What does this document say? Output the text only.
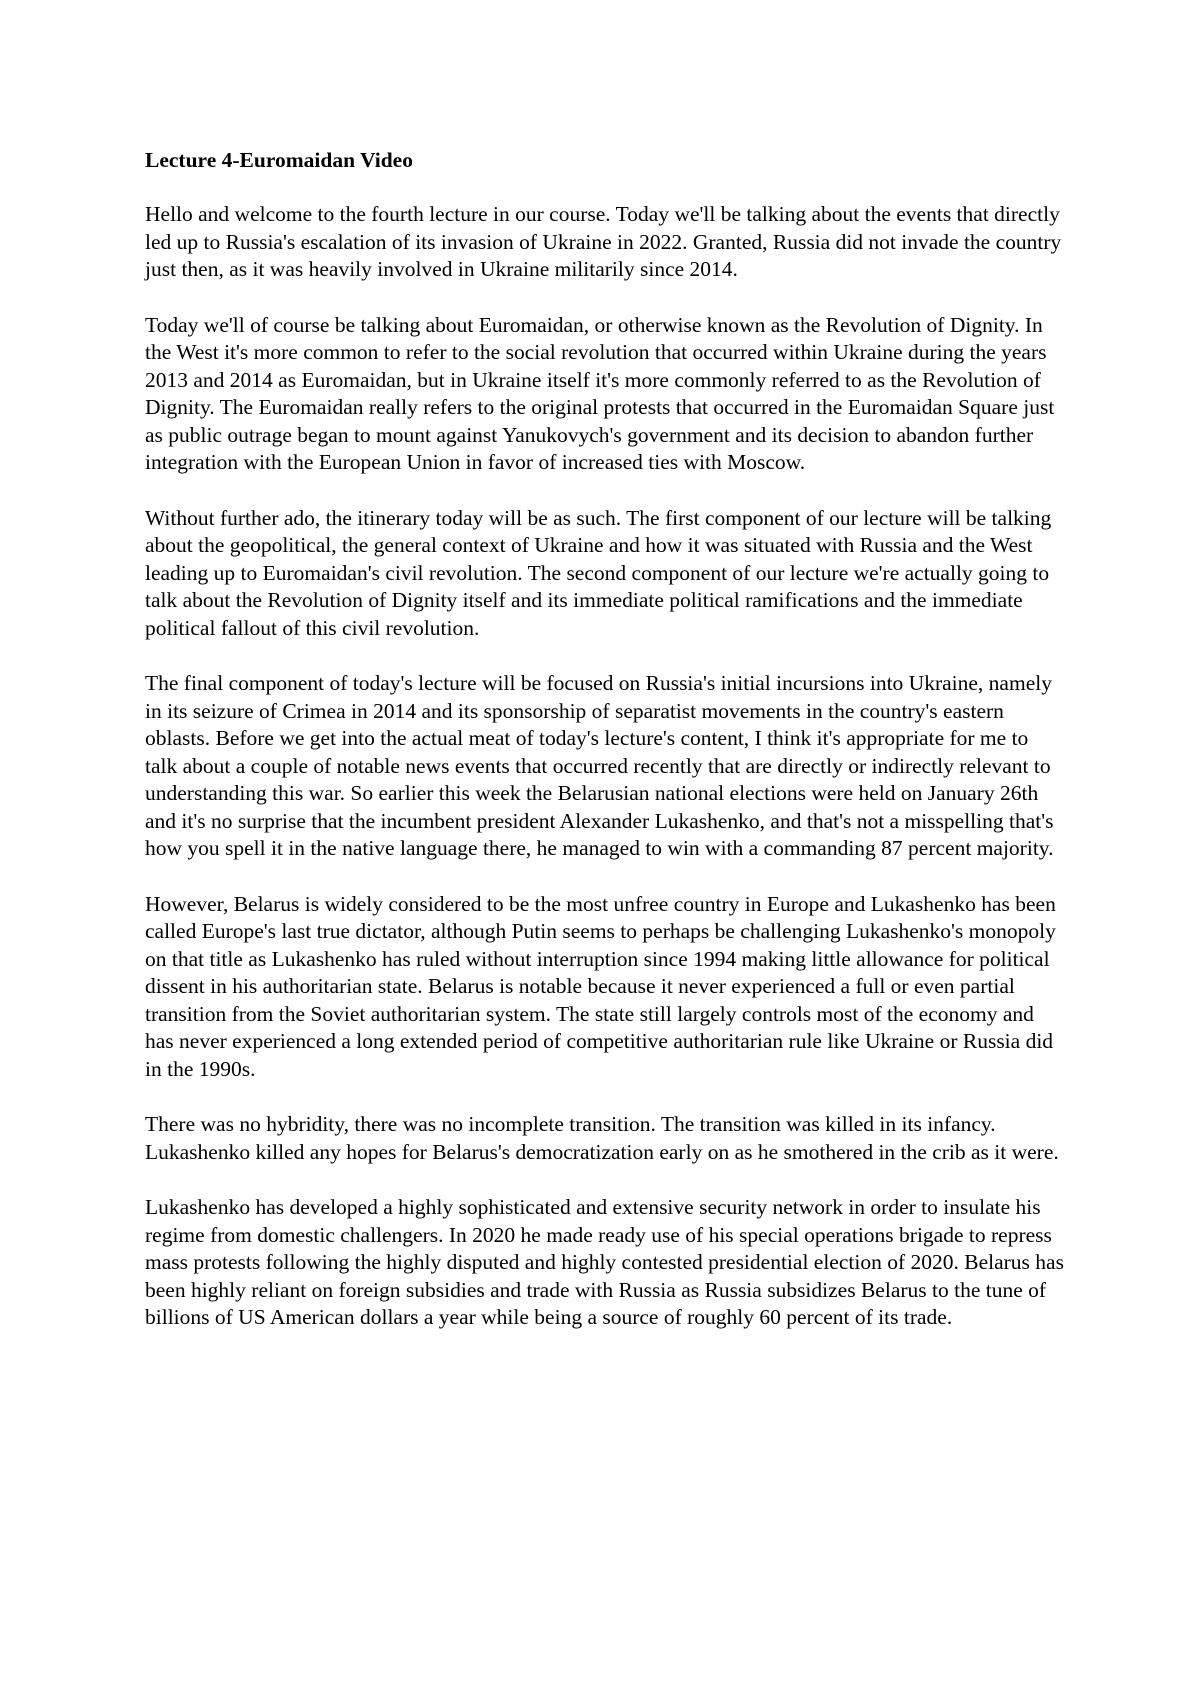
Lecture 4-Euromaidan Video

Hello and welcome to the fourth lecture in our course. Today we'll be talking about the events that directly led up to Russia's escalation of its invasion of Ukraine in 2022. Granted, Russia did not invade the country just then, as it was heavily involved in Ukraine militarily since 2014.

Today we'll of course be talking about Euromaidan, or otherwise known as the Revolution of Dignity. In the West it's more common to refer to the social revolution that occurred within Ukraine during the years 2013 and 2014 as Euromaidan, but in Ukraine itself it's more commonly referred to as the Revolution of Dignity. The Euromaidan really refers to the original protests that occurred in the Euromaidan Square just as public outrage began to mount against Yanukovych's government and its decision to abandon further integration with the European Union in favor of increased ties with Moscow.

Without further ado, the itinerary today will be as such. The first component of our lecture will be talking about the geopolitical, the general context of Ukraine and how it was situated with Russia and the West leading up to Euromaidan's civil revolution. The second component of our lecture we're actually going to talk about the Revolution of Dignity itself and its immediate political ramifications and the immediate political fallout of this civil revolution.

The final component of today's lecture will be focused on Russia's initial incursions into Ukraine, namely in its seizure of Crimea in 2014 and its sponsorship of separatist movements in the country's eastern oblasts. Before we get into the actual meat of today's lecture's content, I think it's appropriate for me to talk about a couple of notable news events that occurred recently that are directly or indirectly relevant to understanding this war. So earlier this week the Belarusian national elections were held on January 26th and it's no surprise that the incumbent president Alexander Lukashenko, and that's not a misspelling that's how you spell it in the native language there, he managed to win with a commanding 87 percent majority.

However, Belarus is widely considered to be the most unfree country in Europe and Lukashenko has been called Europe's last true dictator, although Putin seems to perhaps be challenging Lukashenko's monopoly on that title as Lukashenko has ruled without interruption since 1994 making little allowance for political dissent in his authoritarian state. Belarus is notable because it never experienced a full or even partial transition from the Soviet authoritarian system. The state still largely controls most of the economy and has never experienced a long extended period of competitive authoritarian rule like Ukraine or Russia did in the 1990s.

There was no hybridity, there was no incomplete transition. The transition was killed in its infancy. Lukashenko killed any hopes for Belarus's democratization early on as he smothered in the crib as it were.

Lukashenko has developed a highly sophisticated and extensive security network in order to insulate his regime from domestic challengers. In 2020 he made ready use of his special operations brigade to repress mass protests following the highly disputed and highly contested presidential election of 2020. Belarus has been highly reliant on foreign subsidies and trade with Russia as Russia subsidizes Belarus to the tune of billions of US American dollars a year while being a source of roughly 60 percent of its trade.
